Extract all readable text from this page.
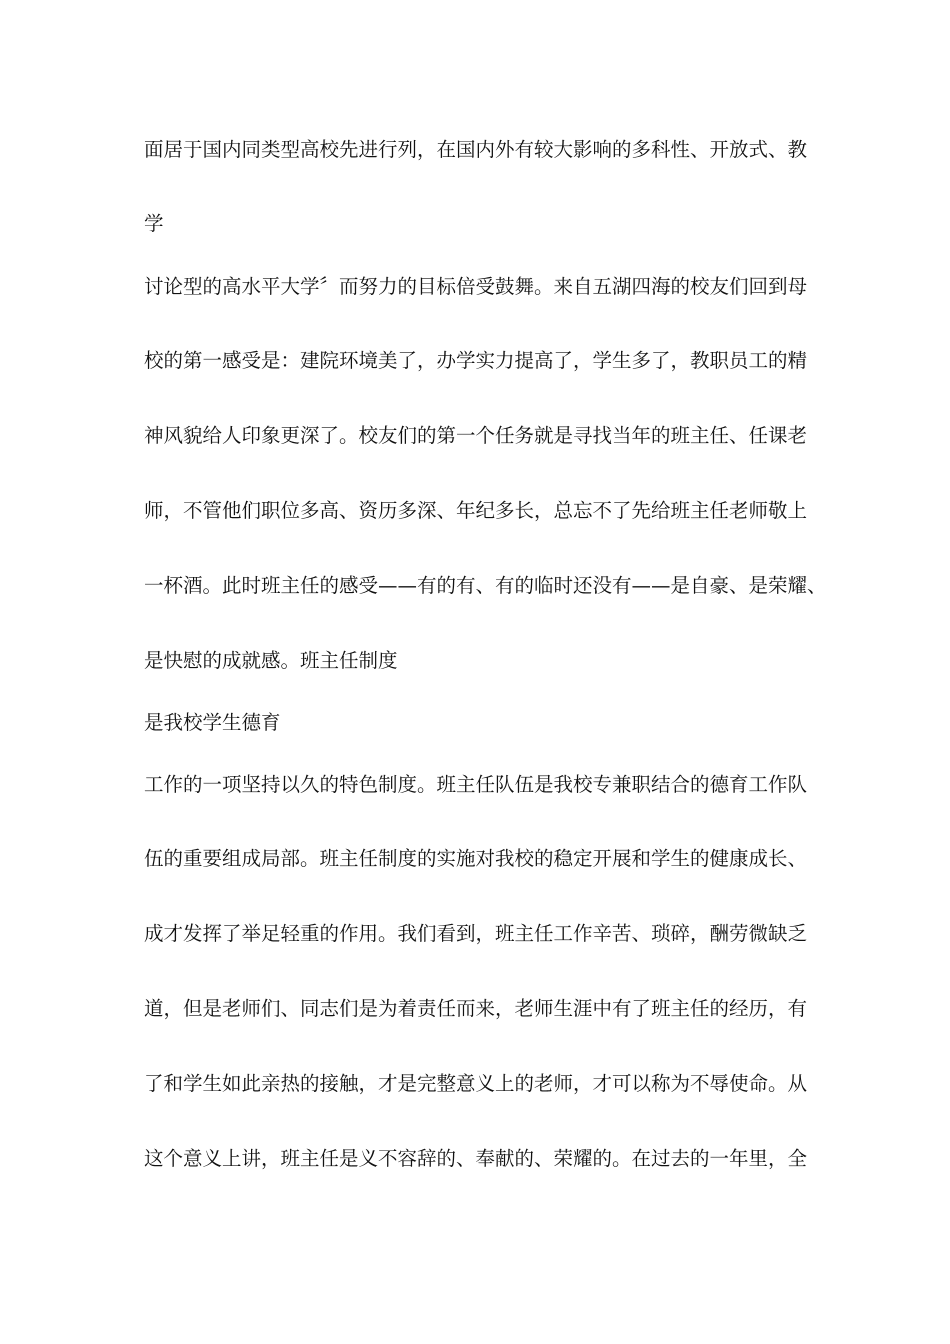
面居于国内同类型高校先进行列，在国内外有较大影响的多科性、开放式、教
学
讨论型的高水平大学〞而努力的目标倍受鼓舞。来自五湖四海的校友们回到母
校的第一感受是：建院环境美了，办学实力提高了，学生多了，教职员工的精
神风貌给人印象更深了。校友们的第一个任务就是寻找当年的班主任、任课老
师，不管他们职位多高、资历多深、年纪多长，总忘不了先给班主任老师敬上
一杯酒。此时班主任的感受——有的有、有的临时还没有——是自豪、是荣耀、
是快慰的成就感。班主任制度
是我校学生德育
工作的一项坚持以久的特色制度。班主任队伍是我校专兼职结合的德育工作队
伍的重要组成局部。班主任制度的实施对我校的稳定开展和学生的健康成长、
成才发挥了举足轻重的作用。我们看到，班主任工作辛苦、琐碎，酬劳微缺乏
道，但是老师们、同志们是为着责任而来，老师生涯中有了班主任的经历，有
了和学生如此亲热的接触，才是完整意义上的老师，才可以称为不辱使命。从
这个意义上讲，班主任是义不容辞的、奉献的、荣耀的。在过去的一年里，全
